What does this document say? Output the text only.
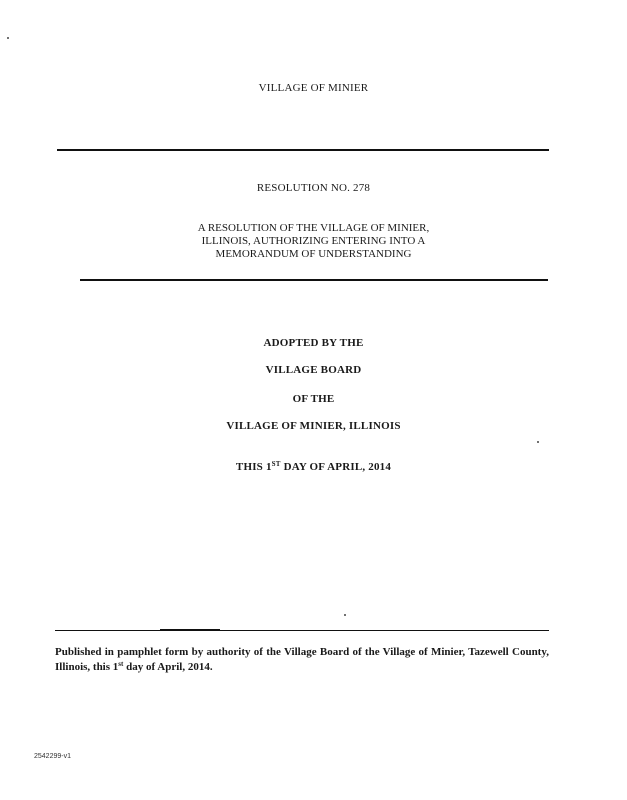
VILLAGE OF MINIER
RESOLUTION NO. 278
A RESOLUTION OF THE VILLAGE OF MINIER,
ILLINOIS, AUTHORIZING ENTERING INTO A
MEMORANDUM OF UNDERSTANDING
ADOPTED BY THE
VILLAGE BOARD
OF THE
VILLAGE OF MINIER, ILLINOIS
THIS 1ST DAY OF APRIL, 2014
Published in pamphlet form by authority of the Village Board of the Village of Minier, Tazewell County, Illinois, this 1st day of April, 2014.
2542299-v1
